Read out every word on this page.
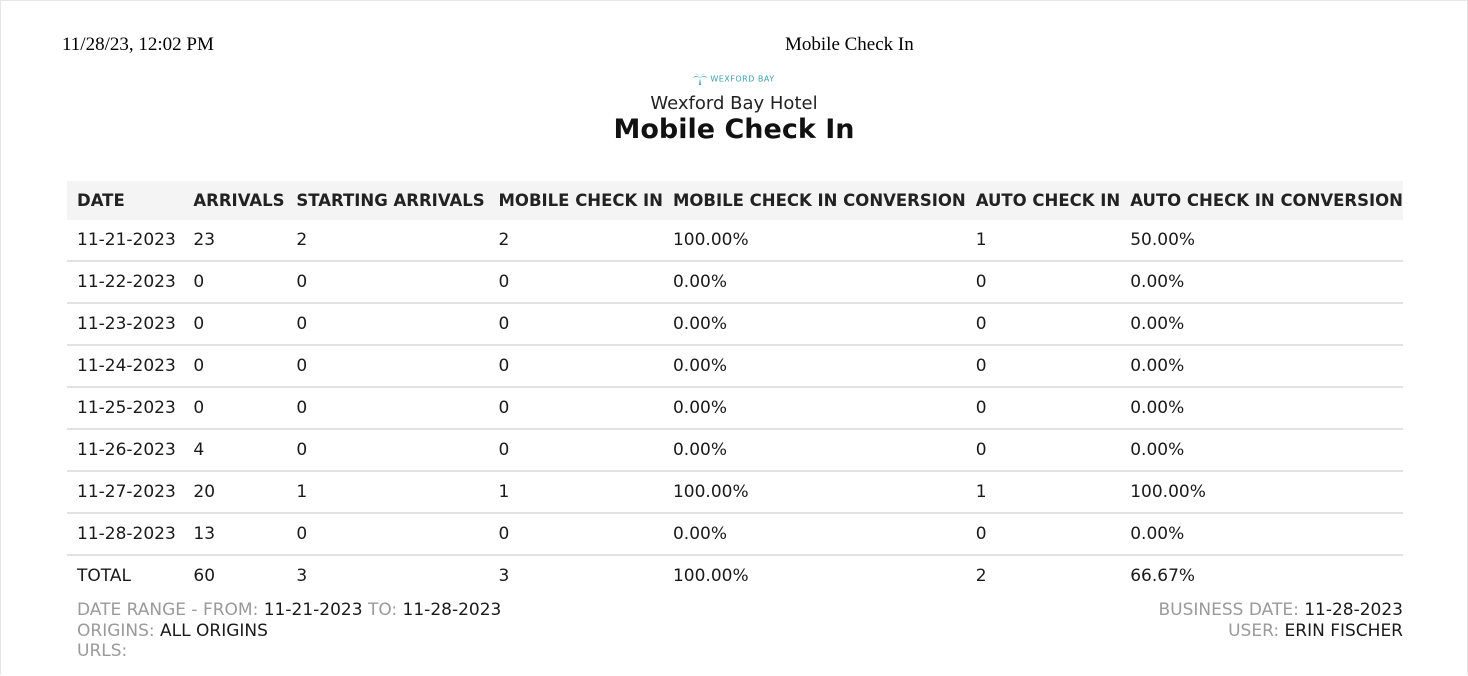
11/28/23, 12:02 PM	Mobile Check In
WEXFORD BAY
Wexford Bay Hotel
Mobile Check In
DATE	ARRIVALS	STARTING ARRIVALS	MOBILE CHECK IN	MOBILE CHECK IN CONVERSION	AUTO CHECK IN	AUTO CHECK IN CONVERSION
11-21-2023	23	2	2	100.00%	1	50.00%
11-22-2023	0	0	0	0.00%	0	0.00%
11-23-2023	0	0	0	0.00%	0	0.00%
11-24-2023	0	0	0	0.00%	0	0.00%
11-25-2023	0	0	0	0.00%	0	0.00%
11-26-2023	4	0	0	0.00%	0	0.00%
11-27-2023	20	1	1	100.00%	1	100.00%
11-28-2023	13	0	0	0.00%	0	0.00%
TOTAL	60	3	3	100.00%	2	66.67%
DATE RANGE - FROM: 11-21-2023 TO: 11-28-2023
ORIGINS: ALL ORIGINS
URLS:
BUSINESS DATE: 11-28-2023
USER: ERIN FISCHER
